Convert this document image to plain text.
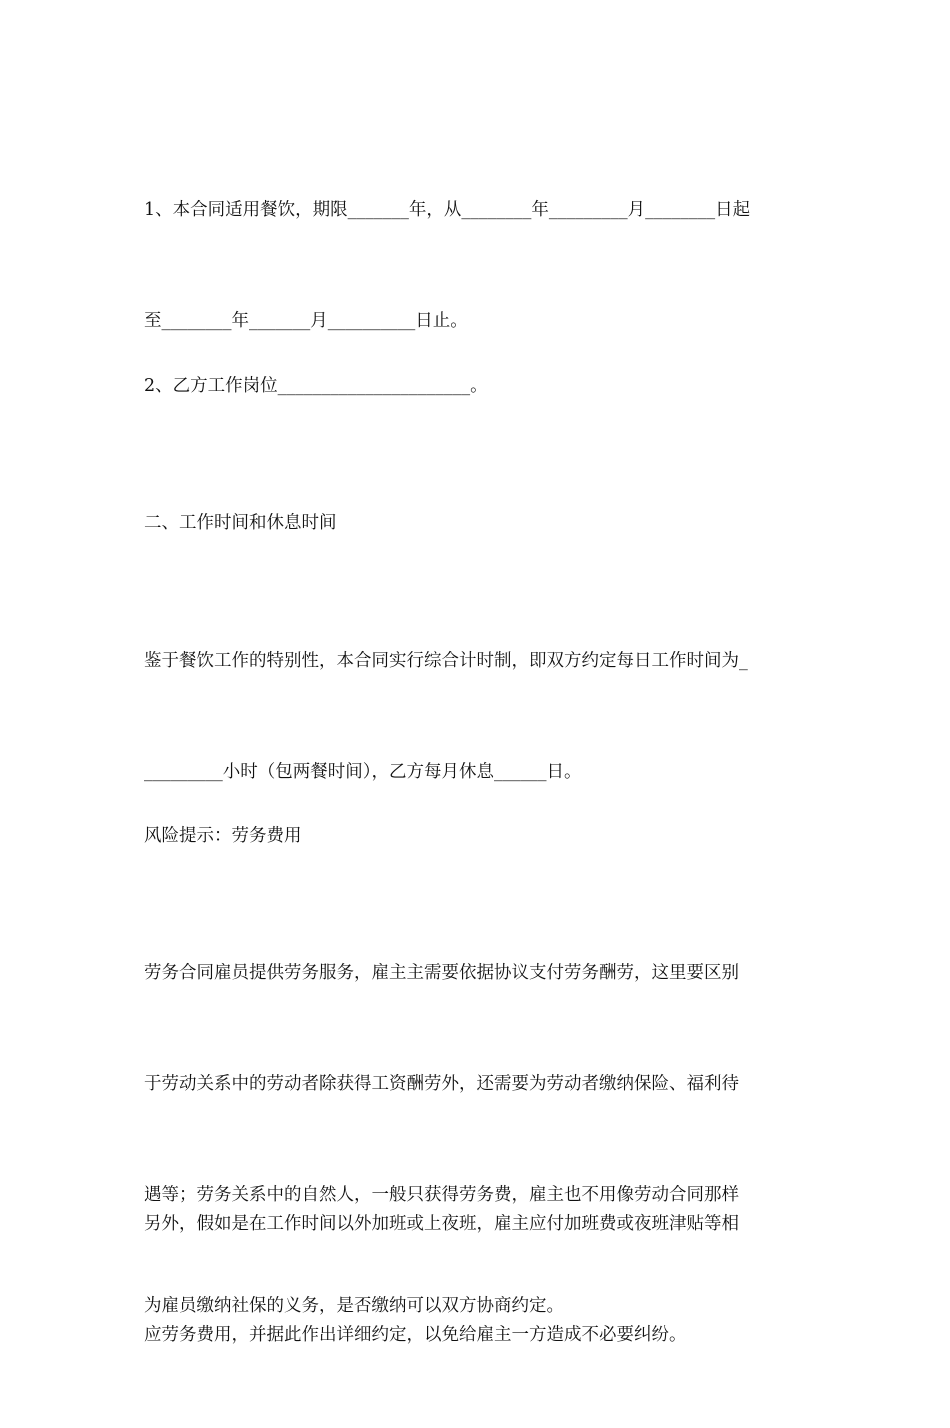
1、本合同适用餐饮，期限_______年，从________年_________月________日起

至________年_______月__________日止。

2、乙方工作岗位______________________。

二、工作时间和休息时间

鉴于餐饮工作的特别性，本合同实行综合计时制，即双方约定每日工作时间为_

_________小时（包两餐时间），乙方每月休息______日。

风险提示：劳务费用

劳务合同雇员提供劳务服务，雇主主需要依据协议支付劳务酬劳，这里要区别

于劳动关系中的劳动者除获得工资酬劳外，还需要为劳动者缴纳保险、福利待

遇等；劳务关系中的自然人，一般只获得劳务费，雇主也不用像劳动合同那样

为雇员缴纳社保的义务，是否缴纳可以双方协商约定。

另外，假如是在工作时间以外加班或上夜班，雇主应付加班费或夜班津贴等相

应劳务费用，并据此作出详细约定，以免给雇主一方造成不必要纠纷。
